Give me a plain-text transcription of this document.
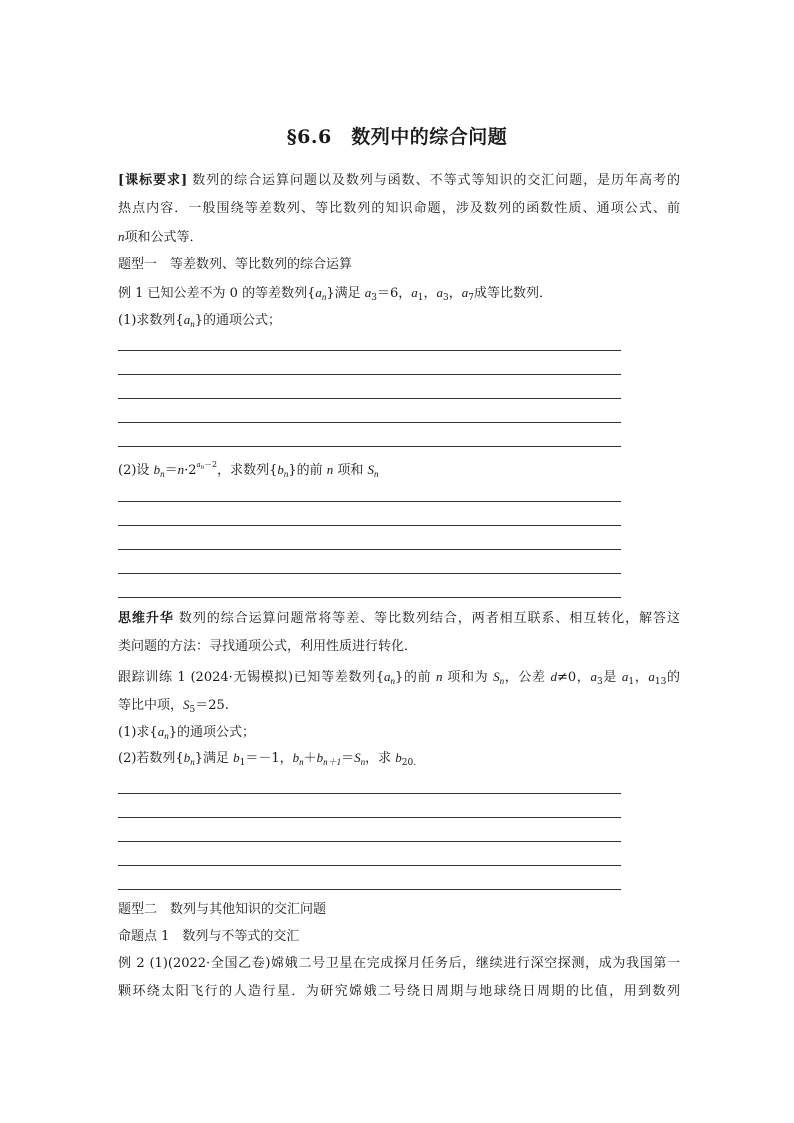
§6.6　数列中的综合问题
[课标要求] 数列的综合运算问题以及数列与函数、不等式等知识的交汇问题，是历年高考的
热点内容．一般围绕等差数列、等比数列的知识命题，涉及数列的函数性质、通项公式、前
n项和公式等．
题型一　等差数列、等比数列的综合运算
例 1 已知公差不为 0 的等差数列$\{a_n\}$满足 $a_3=6$，$a_1$，$a_3$，$a_7$成等比数列．
(1)求数列$\{a_n\}$的通项公式；
(2)设 $b_n=n\cdot 2^{an-2}$，求数列$\{b_n\}$的前 n 项和 $S_n$
思维升华 数列的综合运算问题常将等差、等比数列结合，两者相互联系、相互转化，解答这
类问题的方法：寻找通项公式，利用性质进行转化．
跟踪训练 1 (2024·无锡模拟)已知等差数列$\{a_n\}$的前 n 项和为 $S_n$，公差 d≠0，$a_3$是 $a_1$，$a_{13}$的
等比中项，$S_5=25$.
(1)求$\{a_n\}$的通项公式；
(2)若数列$\{b_n\}$满足 $b_1=-1$，$b_n+b_{n+1}=S_n$，求 $b_{20.}$
题型二　数列与其他知识的交汇问题
命题点 1　数列与不等式的交汇
例 2 (1)(2022·全国乙卷)嫦娥二号卫星在完成探月任务后，继续进行深空探测，成为我国第一
颗环绕太阳飞行的人造行星．为研究嫦娥二号绕日周期与地球绕日周期的比值，用到数列
